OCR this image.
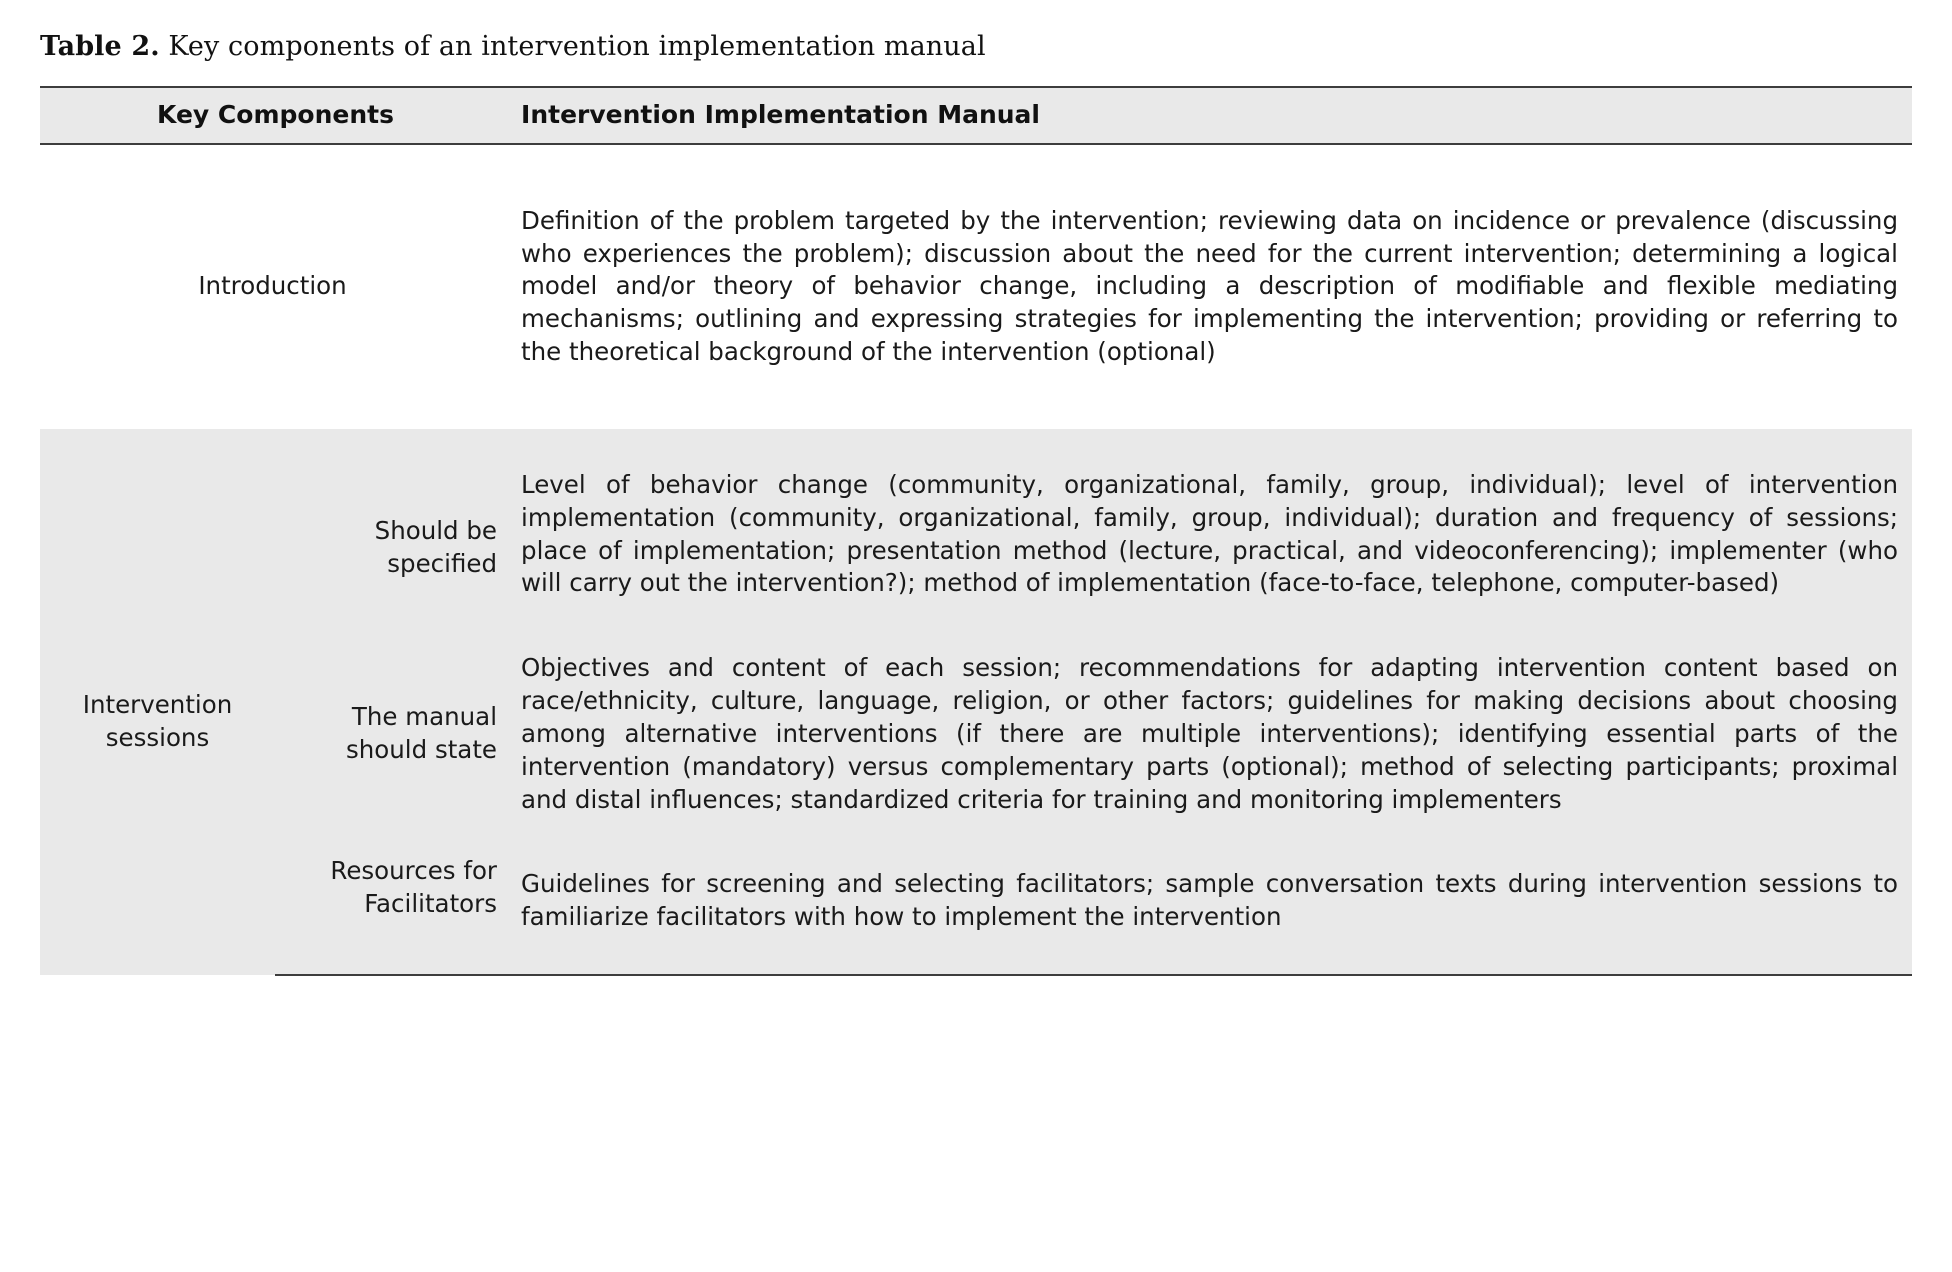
Table 2. Key components of an intervention implementation manual
Key Components		Intervention Implementation Manual

Introduction		Definition of the problem targeted by the intervention; reviewing data on incidence or prevalence (discussing who experiences the problem); discussion about the need for the current intervention; determining a logical model and/or theory of behavior change, including a description of modifiable and flexible mediating mechanisms; outlining and expressing strategies for implementing the intervention; providing or referring to the theoretical background of the intervention (optional)

Intervention sessions	Should be specified	Level of behavior change (community, organizational, family, group, individual); level of intervention implementation (community, organizational, family, group, individual); duration and frequency of sessions; place of implementation; presentation method (lecture, practical, and videoconferencing); implementer (who will carry out the intervention?); method of implementation (face-to-face, telephone, computer-based)
	The manual should state	Objectives and content of each session; recommendations for adapting intervention content based on race/ethnicity, culture, language, religion, or other factors; guidelines for making decisions about choosing among alternative interventions (if there are multiple interventions); identifying essential parts of the intervention (mandatory) versus complementary parts (optional); method of selecting participants; proximal and distal influences; standardized criteria for training and monitoring implementers
	Resources for Facilitators	Guidelines for screening and selecting facilitators; sample conversation texts during intervention sessions to familiarize facilitators with how to implement the intervention
